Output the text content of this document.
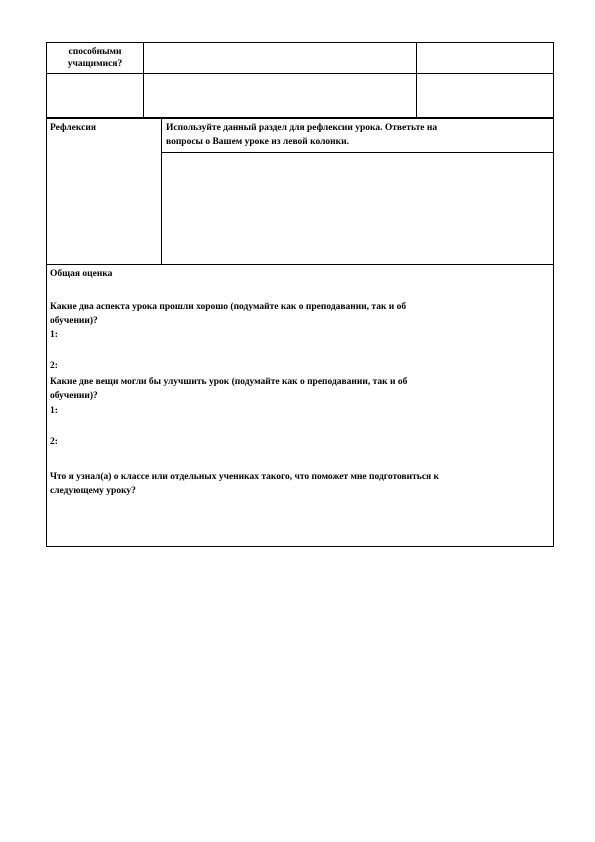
способными
учащимися?
Рефлексия	Используйте данный раздел для рефлексии урока. Ответьте на
вопросы о Вашем уроке из левой колонки.
Общая оценка
Какие два аспекта урока прошли хорошо (подумайте как о преподавании, так и об
обучении)?
1:
2:
Какие две вещи могли бы улучшить урок (подумайте как о преподавании, так и об
обучении)?
1:
2:
Что я узнал(а) о классе или отдельных учениках такого, что поможет мне подготовиться к
следующему уроку?
